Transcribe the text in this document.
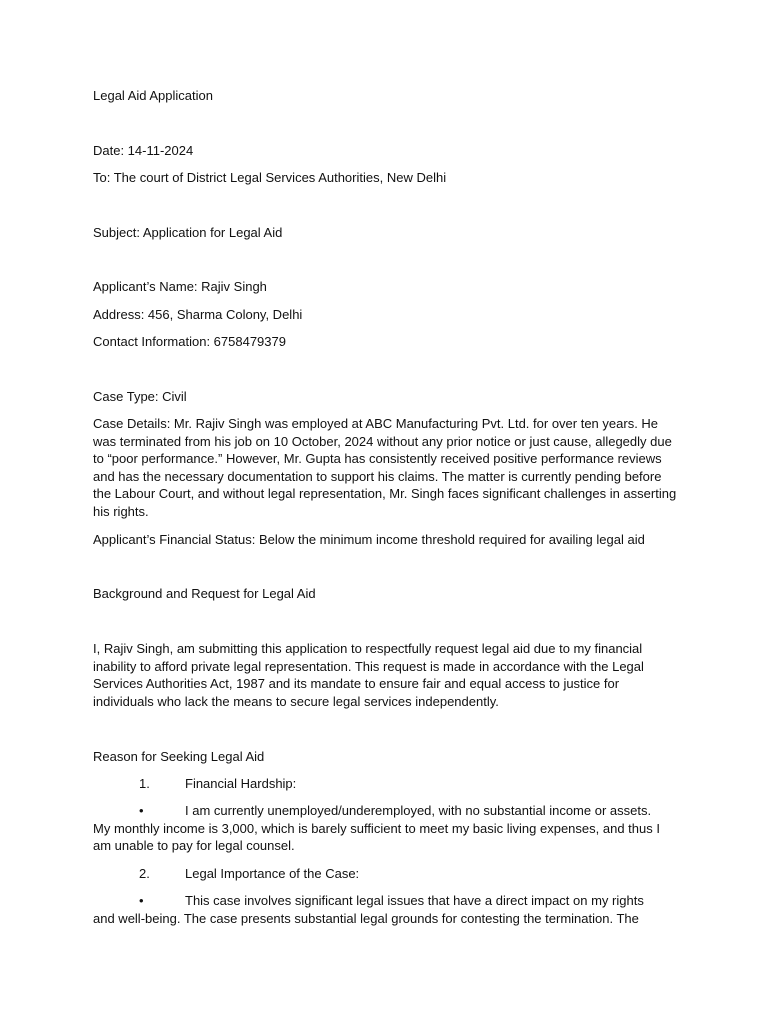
Legal Aid Application
Date: 14-11-2024
To: The court of District Legal Services Authorities, New Delhi
Subject: Application for Legal Aid
Applicant’s Name: Rajiv Singh
Address: 456, Sharma Colony, Delhi
Contact Information: 6758479379
Case Type: Civil
Case Details: Mr. Rajiv Singh was employed at ABC Manufacturing Pvt. Ltd. for over ten years. He was terminated from his job on 10 October, 2024 without any prior notice or just cause, allegedly due to “poor performance.” However, Mr. Gupta has consistently received positive performance reviews and has the necessary documentation to support his claims. The matter is currently pending before the Labour Court, and without legal representation, Mr. Singh faces significant challenges in asserting his rights.
Applicant’s Financial Status: Below the minimum income threshold required for availing legal aid
Background and Request for Legal Aid
I, Rajiv Singh, am submitting this application to respectfully request legal aid due to my financial inability to afford private legal representation. This request is made in accordance with the Legal Services Authorities Act, 1987 and its mandate to ensure fair and equal access to justice for individuals who lack the means to secure legal services independently.
Reason for Seeking Legal Aid
1.	Financial Hardship:
•	I am currently unemployed/underemployed, with no substantial income or assets. My monthly income is 3,000, which is barely sufficient to meet my basic living expenses, and thus I am unable to pay for legal counsel.
2.	Legal Importance of the Case:
•	This case involves significant legal issues that have a direct impact on my rights and well-being. The case presents substantial legal grounds for contesting the termination. The
